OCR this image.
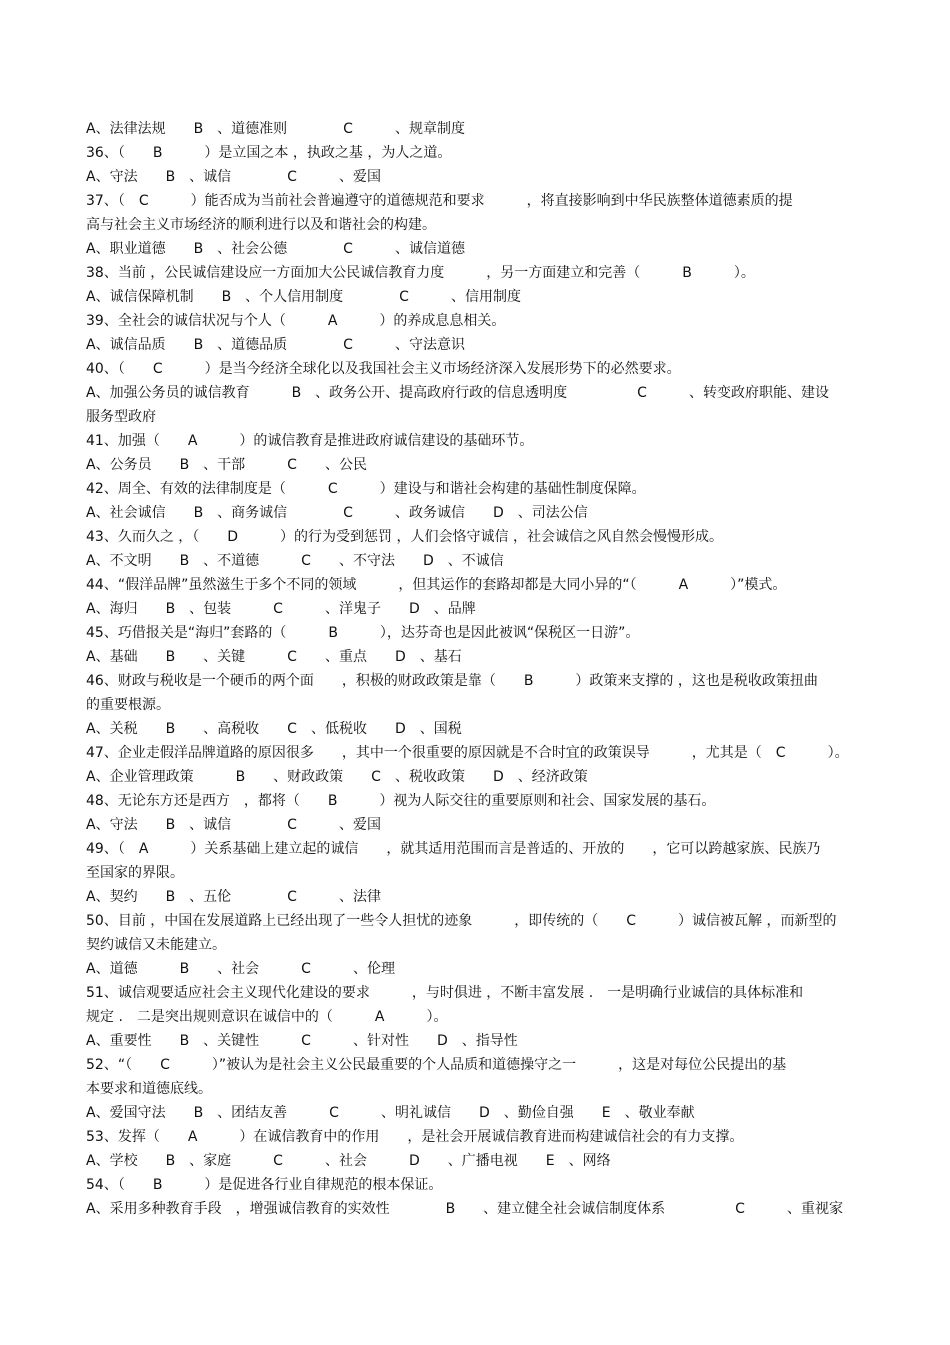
A、法律法规　　B　、道德准则　　　　C　　　、规章制度
36、（　　B　　　）是立国之本 ，执政之基 ，为人之道。
A、守法　　B　、诚信　　　　C　　　、爱国
37、（　C　　　）能否成为当前社会普遍遵守的道德规范和要求　　　，将直接影响到中华民族整体道德素质的提
高与社会主义市场经济的顺利进行以及和谐社会的构建。
A、职业道德　　B　、社会公德　　　　C　　　、诚信道德
38、当前 ，公民诚信建设应一方面加大公民诚信教育力度　　　，另一方面建立和完善（　　　B　　　）。
A、诚信保障机制　　B　、个人信用制度　　　　C　　　、信用制度
39、全社会的诚信状况与个人（　　　A　　　）的养成息息相关。
A、诚信品质　　B　、道德品质　　　　C　　　、守法意识
40、（　　C　　　）是当今经济全球化以及我国社会主义市场经济深入发展形势下的必然要求。
A、加强公务员的诚信教育　　　B　、政务公开、提高政府行政的信息透明度　　　　　C　　　、转变政府职能、建设
服务型政府
41、加强（　　A　　　）的诚信教育是推进政府诚信建设的基础环节。
A、公务员　　B　、干部　　　C　　、公民
42、周全、有效的法律制度是（　　　C　　　）建设与和谐社会构建的基础性制度保障。
A、社会诚信　　B　、商务诚信　　　　C　　　、政务诚信　　D　、司法公信
43、久而久之 ，（　　D　　　）的行为受到惩罚 ，人们会恪守诚信 ，社会诚信之风自然会慢慢形成。
A、不文明　　B　、不道德　　　C　　、不守法　　D　、不诚信
44、“假洋品牌”虽然滋生于多个不同的领域　　　，但其运作的套路却都是大同小异的“（　　　A　　　）”模式。
A、海归　　B　、包装　　　C　　　、洋鬼子　　D　、品牌
45、巧借报关是“海归”套路的（　　　B　　　），达芬奇也是因此被讽“保税区一日游”。
A、基础　　B　　、关键　　　C　　、重点　　D　、基石
46、财政与税收是一个硬币的两个面　　，积极的财政政策是靠（　　B　　　）政策来支撑的 ，这也是税收政策扭曲
的重要根源。
A、关税　　B　　、高税收　　C　、低税收　　D　、国税
47、企业走假洋品牌道路的原因很多　　，其中一个很重要的原因就是不合时宜的政策误导　　　，尤其是（　C　　　）。
A、企业管理政策　　　B　　、财政政策　　C　、税收政策　　D　、经济政策
48、无论东方还是西方　，都将（　　B　　　）视为人际交往的重要原则和社会、国家发展的基石。
A、守法　　B　、诚信　　　　C　　　、爱国
49、（　A　　　）关系基础上建立起的诚信　　，就其适用范围而言是普适的、开放的　　，它可以跨越家族、民族乃
至国家的界限。
A、契约　　B　、五伦　　　　C　　　、法律
50、目前 ，中国在发展道路上已经出现了一些令人担忧的迹象　　　，即传统的（　　C　　　）诚信被瓦解 ，而新型的
契约诚信又未能建立。
A、道德　　　B　　、社会　　　C　　　、伦理
51、诚信观要适应社会主义现代化建设的要求　　　，与时俱进 ，不断丰富发展 .　一是明确行业诚信的具体标准和
规定 .　二是突出规则意识在诚信中的（　　　A　　　）。
A、重要性　　B　、关键性　　　C　　　、针对性　　D　、指导性
52、“（　　C　　　）”被认为是社会主义公民最重要的个人品质和道德操守之一　　　，这是对每位公民提出的基
本要求和道德底线。
A、爱国守法　　B　、团结友善　　　C　　　、明礼诚信　　D　、勤俭自强　　E　、敬业奉献
53、发挥（　　A　　　）在诚信教育中的作用　　，是社会开展诚信教育进而构建诚信社会的有力支撑。
A、学校　　B　、家庭　　　C　　　、社会　　　D　　、广播电视　　E　、网络
54、（　　B　　　）是促进各行业自律规范的根本保证。
A、采用多种教育手段　，增强诚信教育的实效性　　　　B　　、建立健全社会诚信制度体系　　　　　C　　　、重视家
